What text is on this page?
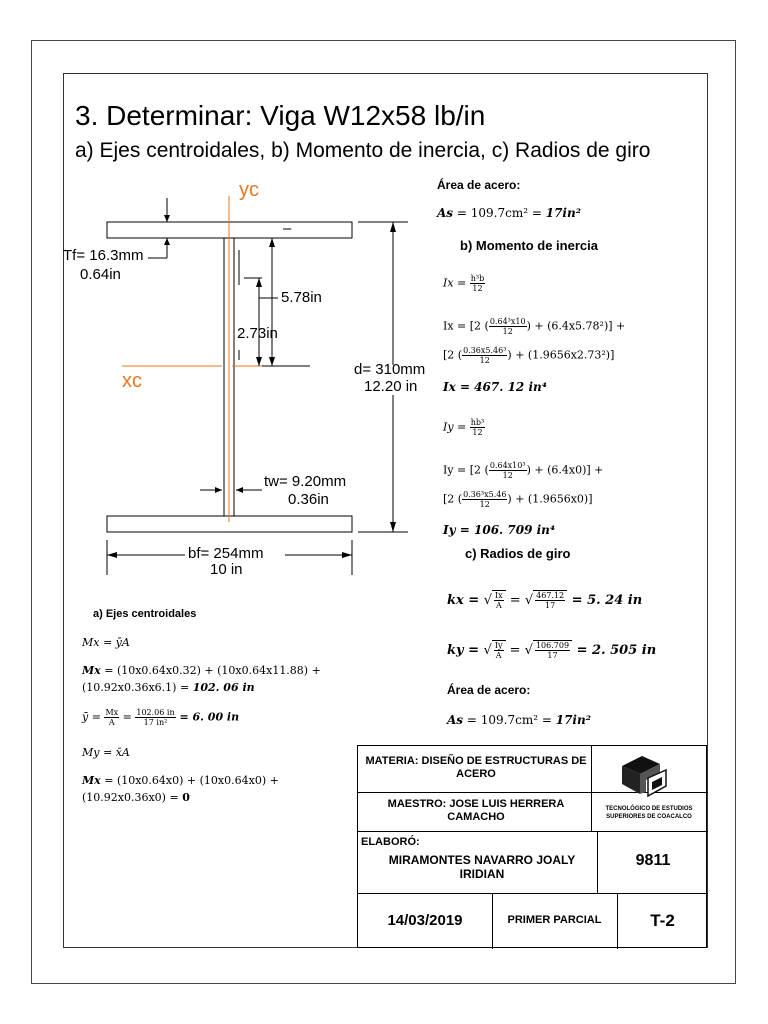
3. Determinar: Viga W12x58 lb/in
a) Ejes centroidales, b) Momento de inercia, c) Radios de giro
yc
xc
–
Tf= 16.3mm
0.64in
5.78in
2.73in
d= 310mm
12.20 in
tw= 9.20mm
0.36in
bf= 254mm
10 in
Área de acero:
As = 109.7cm² = 17in²
b) Momento de inercia
$Ix = \frac{\text{h³b}}{12}$
Ix = [2 ( $\frac{\text{0.64³x10}}{12}$ ) + (6.4x5.78²)] +
[2 ( $\frac{\text{0.36x5.46³}}{12}$ ) + (1.9656x2.73²)]
Ix = 467. 12 in⁴
$Iy = \frac{\text{hb³}}{12}$
Iy = [2 ( $\frac{\text{0.64x10³}}{12}$ ) + (6.4x0)] +
[2 ( $\frac{\text{0.36³x5.46}}{12}$ ) + (1.9656x0)]
Iy = 106. 709 in⁴
c) Radios de giro
kx = √ $\frac{Ix}{A}$ = √ $\frac{467.12}{17} = 5$. 24 in
ky = √ $\frac{Iy}{A}$ = √ $\frac{106.709}{17} = 2$. 505 in
Área de acero:
As = 109.7cm² = 17in²
a) Ejes centroidales
Mx = ȳA
Mx = (10x0.64x0.32) + (10x0.64x11.88) +
(10.92x0.36x6.1) = 102. 06 in
ȳ = $\frac{Mx}{A} = \frac{102.06 in}{\text{17 in²}} = 6$. 00 in
My = x̄A
Mx = (10x0.64x0) + (10x0.64x0) +
(10.92x0.36x0) = 0
MATERIA: DISEÑO DE ESTRUCTURAS DE ACERO
MAESTRO: JOSE LUIS HERRERA CAMACHO
TECNOLÓGICO DE ESTUDIOS SUPERIORES DE COACALCO
ELABORÓ:
MIRAMONTES NAVARRO JOALY IRIDIAN
9811
14/03/2019	PRIMER PARCIAL	T-2
